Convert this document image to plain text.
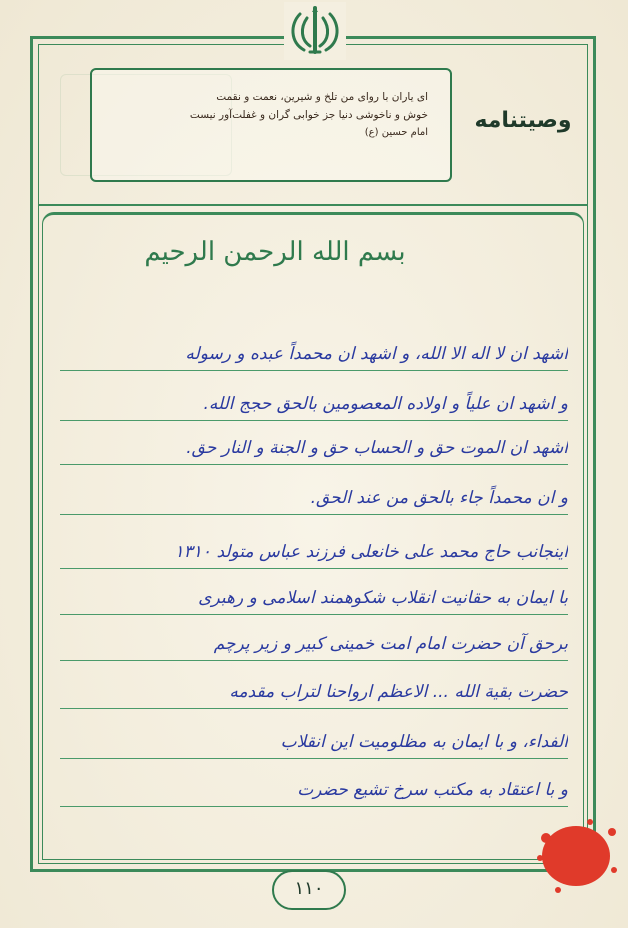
ای یاران با روای من تلخ و شیرین، نعمت و نقمت
خوش و ناخوشی دنیا جز خوابی گران و غفلت‌آور نیست
امام حسین (ع) وصیتنامه
بسم الله الرحمن الرحیم
اشهد ان لا اله الا الله، و اشهد ان محمداً عبده و رسوله
و اشهد ان علیاً و اولاده المعصومین بالحق حجج الله.
اشهد ان الموت حق و الحساب حق و الجنة و النار حق.
و ان محمداً جاء بالحق من عند الحق.
اینجانب حاج محمد علی خانعلی فرزند عباس متولد ۱۳۱۰
با ایمان به حقانیت انقلاب شکوهمند اسلامی و رهبری
برحق آن حضرت امام امت خمینی کبیر و زیر پرچم
حضرت بقیة الله ... الاعظم ارواحنا لتراب مقدمه
الفداء، و با ایمان به مظلومیت این انقلاب
و با اعتقاد به مکتب سرخ تشیع حضرت
۱۱۰
